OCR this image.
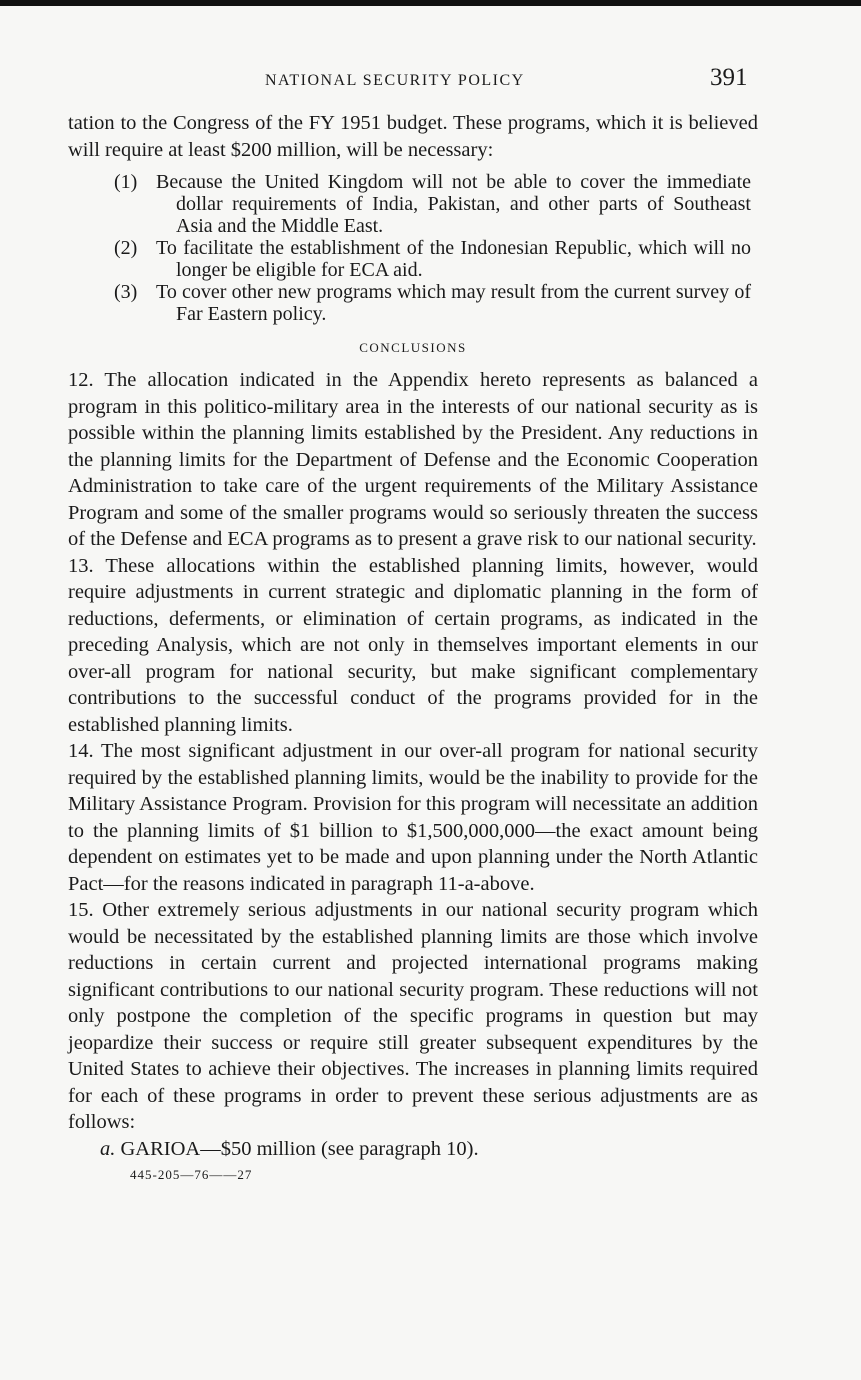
NATIONAL SECURITY POLICY	391

tation to the Congress of the FY 1951 budget. These programs, which it is believed will require at least $200 million, will be necessary:

(1) Because the United Kingdom will not be able to cover the immediate dollar requirements of India, Pakistan, and other parts of Southeast Asia and the Middle East.
(2) To facilitate the establishment of the Indonesian Republic, which will no longer be eligible for ECA aid.
(3) To cover other new programs which may result from the current survey of Far Eastern policy.
CONCLUSIONS

12. The allocation indicated in the Appendix hereto represents as balanced a program in this politico-military area in the interests of our national security as is possible within the planning limits established by the President. Any reductions in the planning limits for the Department of Defense and the Economic Cooperation Administration to take care of the urgent requirements of the Military Assistance Program and some of the smaller programs would so seriously threaten the success of the Defense and ECA programs as to present a grave risk to our national security.

13. These allocations within the established planning limits, however, would require adjustments in current strategic and diplomatic planning in the form of reductions, deferments, or elimination of certain programs, as indicated in the preceding Analysis, which are not only in themselves important elements in our over-all program for national security, but make significant complementary contributions to the successful conduct of the programs provided for in the established planning limits.

14. The most significant adjustment in our over-all program for national security required by the established planning limits, would be the inability to provide for the Military Assistance Program. Provision for this program will necessitate an addition to the planning limits of $1 billion to $1,500,000,000—the exact amount being dependent on estimates yet to be made and upon planning under the North Atlantic Pact—for the reasons indicated in paragraph 11-a-above.

15. Other extremely serious adjustments in our national security program which would be necessitated by the established planning limits are those which involve reductions in certain current and projected international programs making significant contributions to our national security program. These reductions will not only postpone the completion of the specific programs in question but may jeopardize their success or require still greater subsequent expenditures by the United States to achieve their objectives. The increases in planning limits required for each of these programs in order to prevent these serious adjustments are as follows:

a. GARIOA—$50 million (see paragraph 10).

445-205—76——27
